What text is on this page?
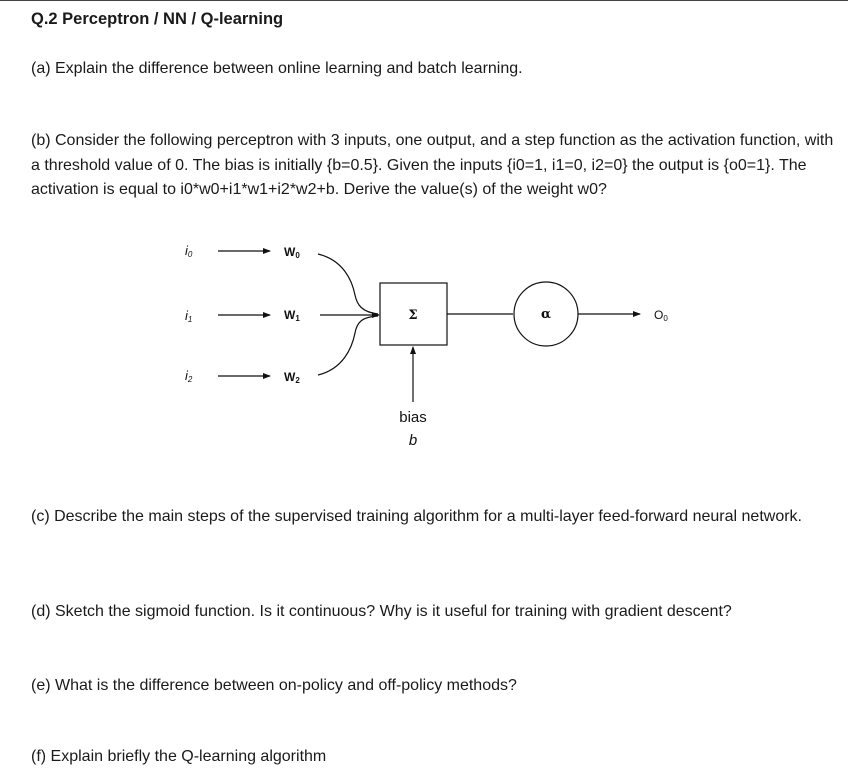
Q.2 Perceptron / NN / Q-learning
(a) Explain the difference between online learning and batch learning.
(b) Consider the following perceptron with 3 inputs, one output, and a step function as the activation function, with a threshold value of 0. The bias is initially {b=0.5}. Given the inputs {i0=1, i1=0, i2=0} the output is {o0=1}. The activation is equal to i0*w0+i1*w1+i2*w2+b. Derive the value(s) of the weight w0?
i0
i1
i2
W0
W1
W2
Σ	α	O0
bias
b
(c) Describe the main steps of the supervised training algorithm for a multi-layer feed-forward neural network.
(d) Sketch the sigmoid function. Is it continuous? Why is it useful for training with gradient descent?
(e) What is the difference between on-policy and off-policy methods?
(f) Explain briefly the Q-learning algorithm
